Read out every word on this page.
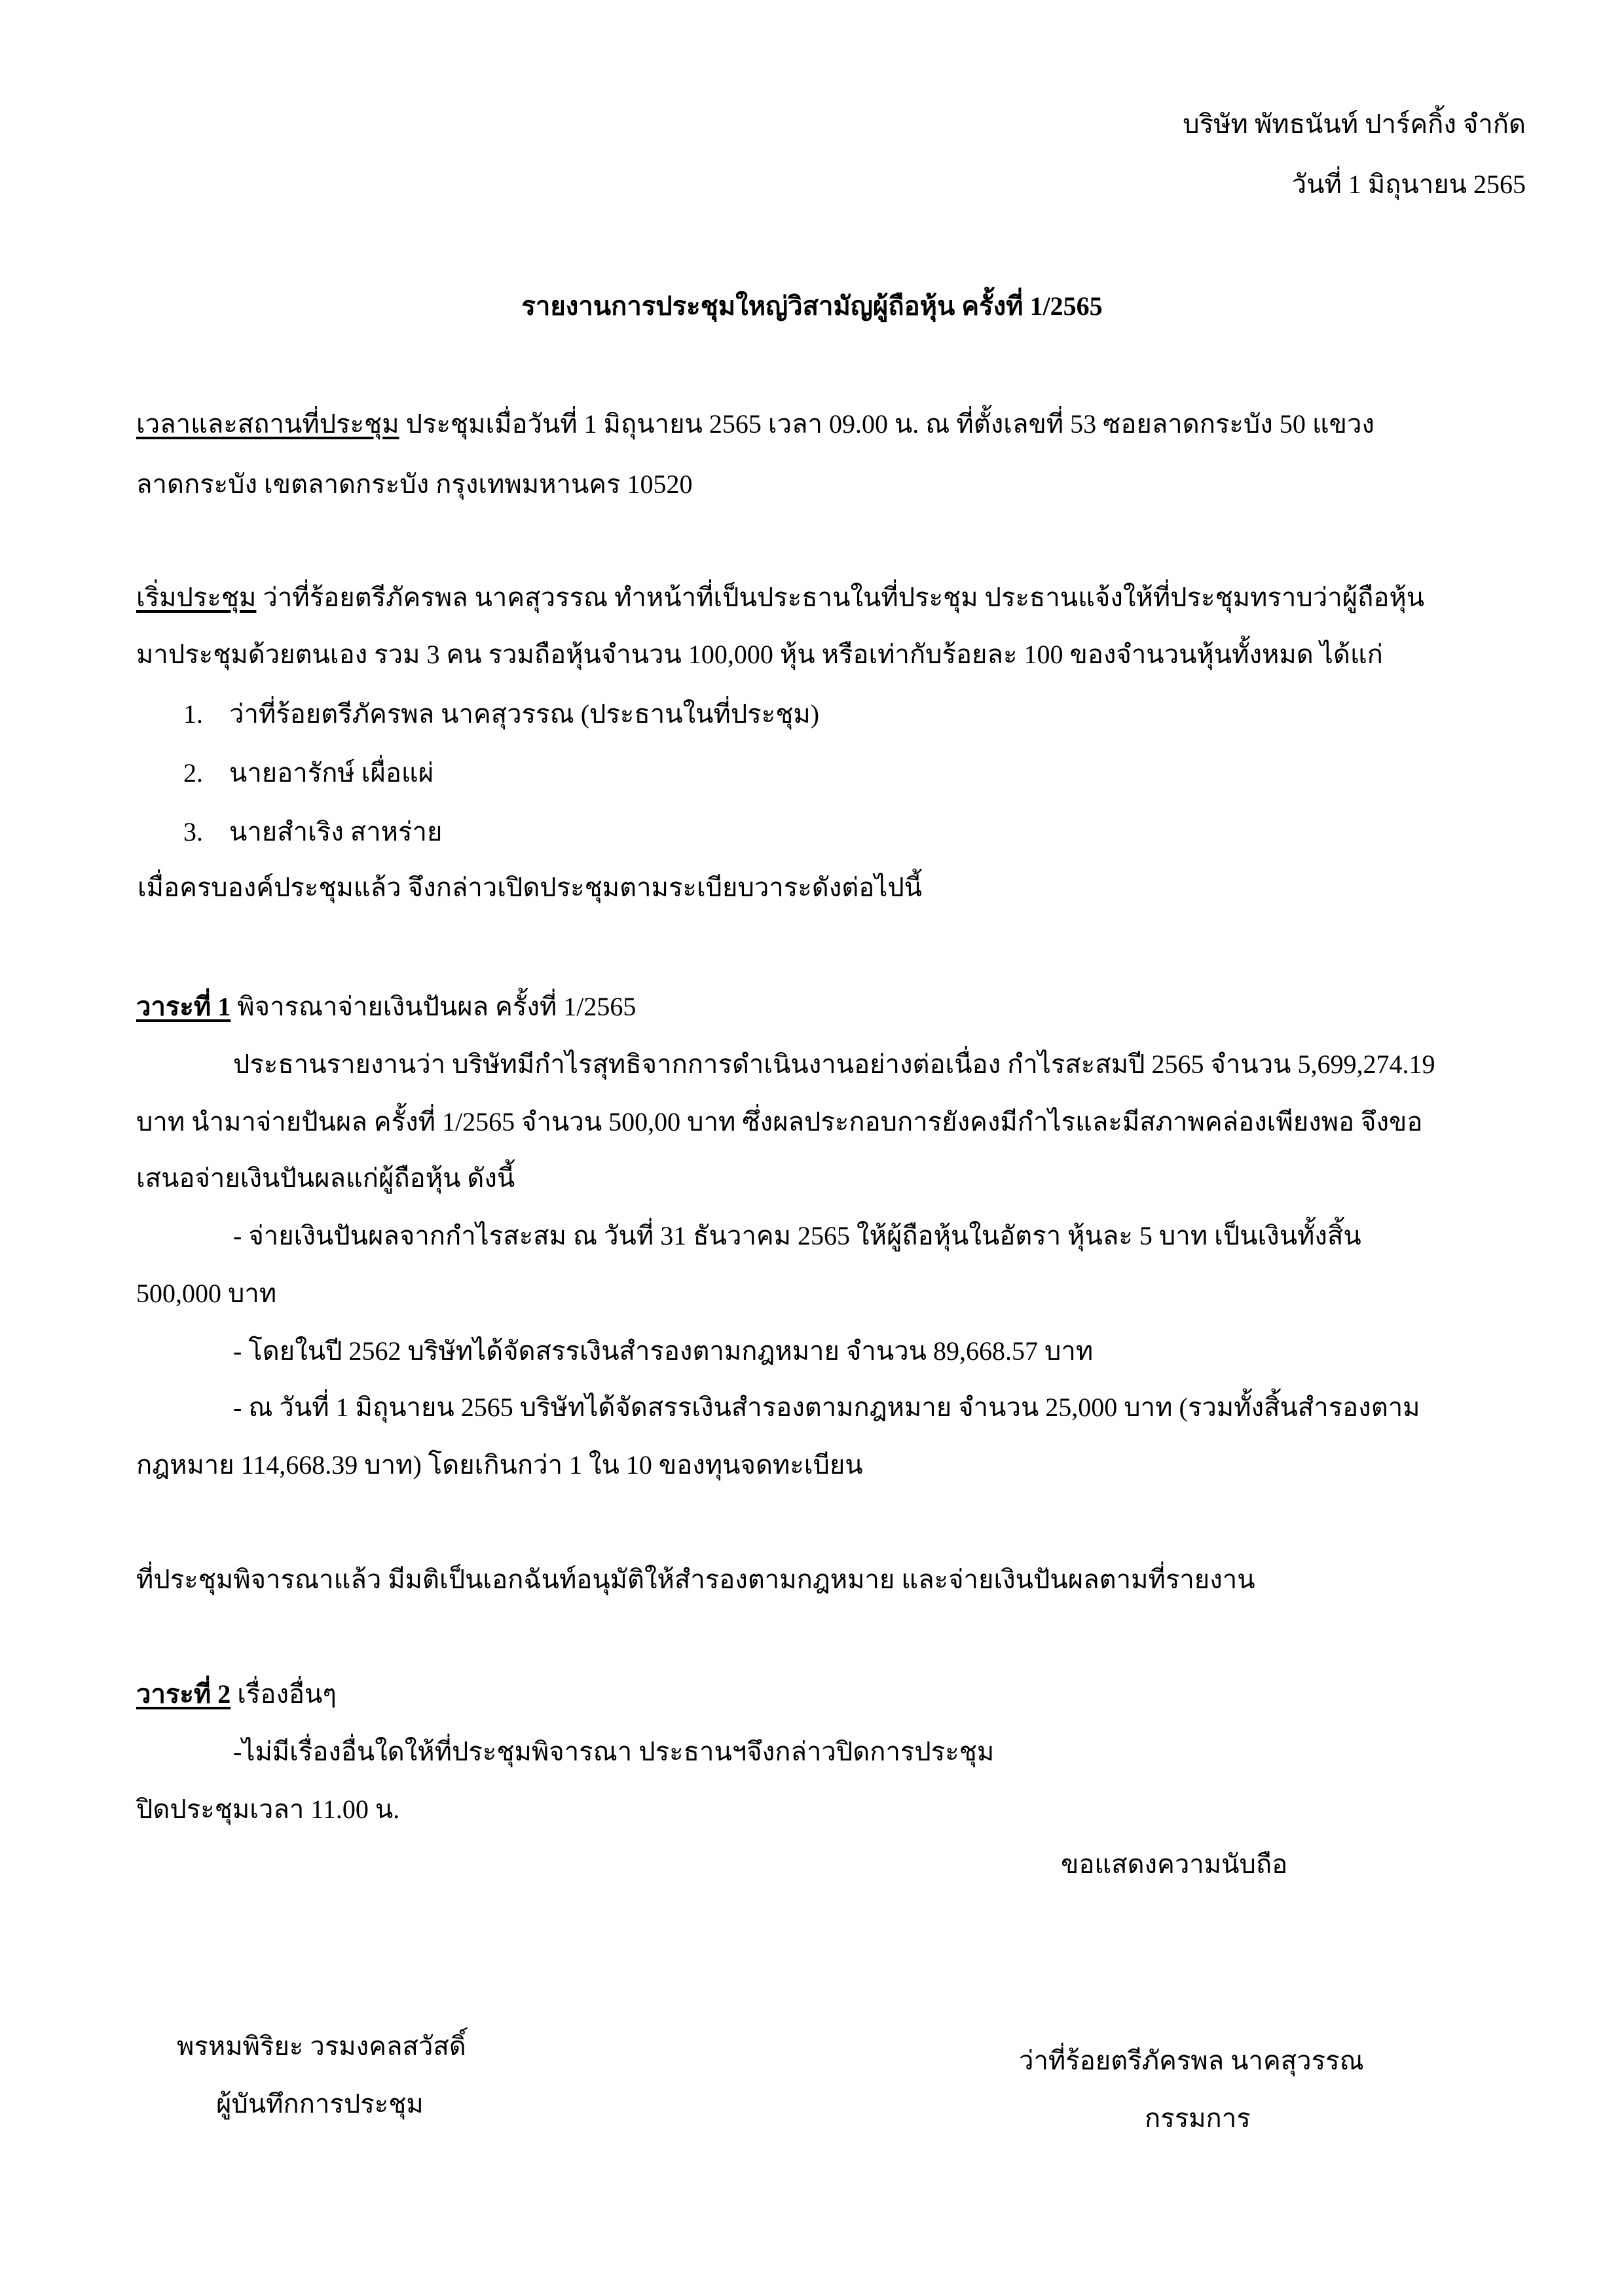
บริษัท พัทธนันท์ ปาร์คกิ้ง จำกัด
วันที่ 1 มิถุนายน 2565
รายงานการประชุมใหญ่วิสามัญผู้ถือหุ้น ครั้งที่ 1/2565
เวลาและสถานที่ประชุม ประชุมเมื่อวันที่ 1 มิถุนายน 2565 เวลา 09.00 น. ณ ที่ตั้งเลขที่ 53 ซอยลาดกระบัง 50 แขวง
ลาดกระบัง เขตลาดกระบัง กรุงเทพมหานคร 10520
เริ่มประชุม ว่าที่ร้อยตรีภัครพล นาคสุวรรณ ทำหน้าที่เป็นประธานในที่ประชุม ประธานแจ้งให้ที่ประชุมทราบว่าผู้ถือหุ้น
มาประชุมด้วยตนเอง รวม 3 คน รวมถือหุ้นจำนวน 100,000 หุ้น หรือเท่ากับร้อยละ 100 ของจำนวนหุ้นทั้งหมด ได้แก่
1. ว่าที่ร้อยตรีภัครพล นาคสุวรรณ (ประธานในที่ประชุม)
2. นายอารักษ์ เผื่อแผ่
3. นายสำเริง สาหร่าย
เมื่อครบองค์ประชุมแล้ว จึงกล่าวเปิดประชุมตามระเบียบวาระดังต่อไปนี้
วาระที่ 1 พิจารณาจ่ายเงินปันผล ครั้งที่ 1/2565
ประธานรายงานว่า บริษัทมีกำไรสุทธิจากการดำเนินงานอย่างต่อเนื่อง กำไรสะสมปี 2565 จำนวน 5,699,274.19
บาท นำมาจ่ายปันผล ครั้งที่ 1/2565 จำนวน 500,00 บาท ซึ่งผลประกอบการยังคงมีกำไรและมีสภาพคล่องเพียงพอ จึงขอ
เสนอจ่ายเงินปันผลแก่ผู้ถือหุ้น ดังนี้
- จ่ายเงินปันผลจากกำไรสะสม ณ วันที่ 31 ธันวาคม 2565 ให้ผู้ถือหุ้นในอัตรา หุ้นละ 5 บาท เป็นเงินทั้งสิ้น
500,000 บาท
- โดยในปี 2562 บริษัทได้จัดสรรเงินสำรองตามกฎหมาย จำนวน 89,668.57 บาท
- ณ วันที่ 1 มิถุนายน 2565 บริษัทได้จัดสรรเงินสำรองตามกฎหมาย จำนวน 25,000 บาท (รวมทั้งสิ้นสำรองตาม
กฎหมาย 114,668.39 บาท) โดยเกินกว่า 1 ใน 10 ของทุนจดทะเบียน
ที่ประชุมพิจารณาแล้ว มีมติเป็นเอกฉันท์อนุมัติให้สำรองตามกฎหมาย และจ่ายเงินปันผลตามที่รายงาน
วาระที่ 2 เรื่องอื่นๆ
-ไม่มีเรื่องอื่นใดให้ที่ประชุมพิจารณา ประธานฯจึงกล่าวปิดการประชุม
ปิดประชุมเวลา 11.00 น.
ขอแสดงความนับถือ
พรหมพิริยะ วรมงคลสวัสดิ์
ผู้บันทึกการประชุม
ว่าที่ร้อยตรีภัครพล นาคสุวรรณ
กรรมการ
